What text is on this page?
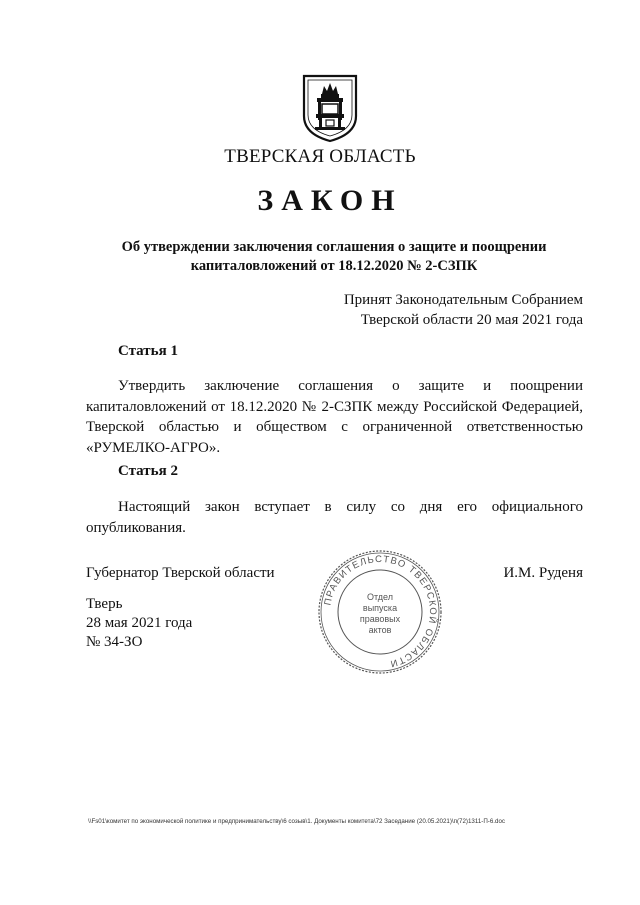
ТВЕРСКАЯ ОБЛАСТЬ
ЗАКОН
Об утверждении заключения соглашения о защите и поощрении
капиталовложений от 18.12.2020 № 2-СЗПК
Принят Законодательным Собранием
Тверской области 20 мая 2021 года
Статья 1
Утвердить заключение соглашения о защите и поощрении капиталовложений от 18.12.2020 № 2-СЗПК между Российской Федерацией, Тверской областью и обществом с ограниченной ответственностью «РУМЕЛКО-АГРО».
Статья 2
Настоящий закон вступает в силу со дня его официального опубликования.
Губернатор Тверской области	И.М. Руденя
Тверь
28 мая 2021 года
№ 34-ЗО
ПРАВИТЕЛЬСТВО ТВЕРСКОЙ ОБЛАСТИ
Отдел
выпуска
правовых
актов
\\Fs01\комитет по экономической политике и предпринимательству\6 созыв\1. Документы комитета\72 Заседание (20.05.2021)\п(72)1311-П-6.doc
